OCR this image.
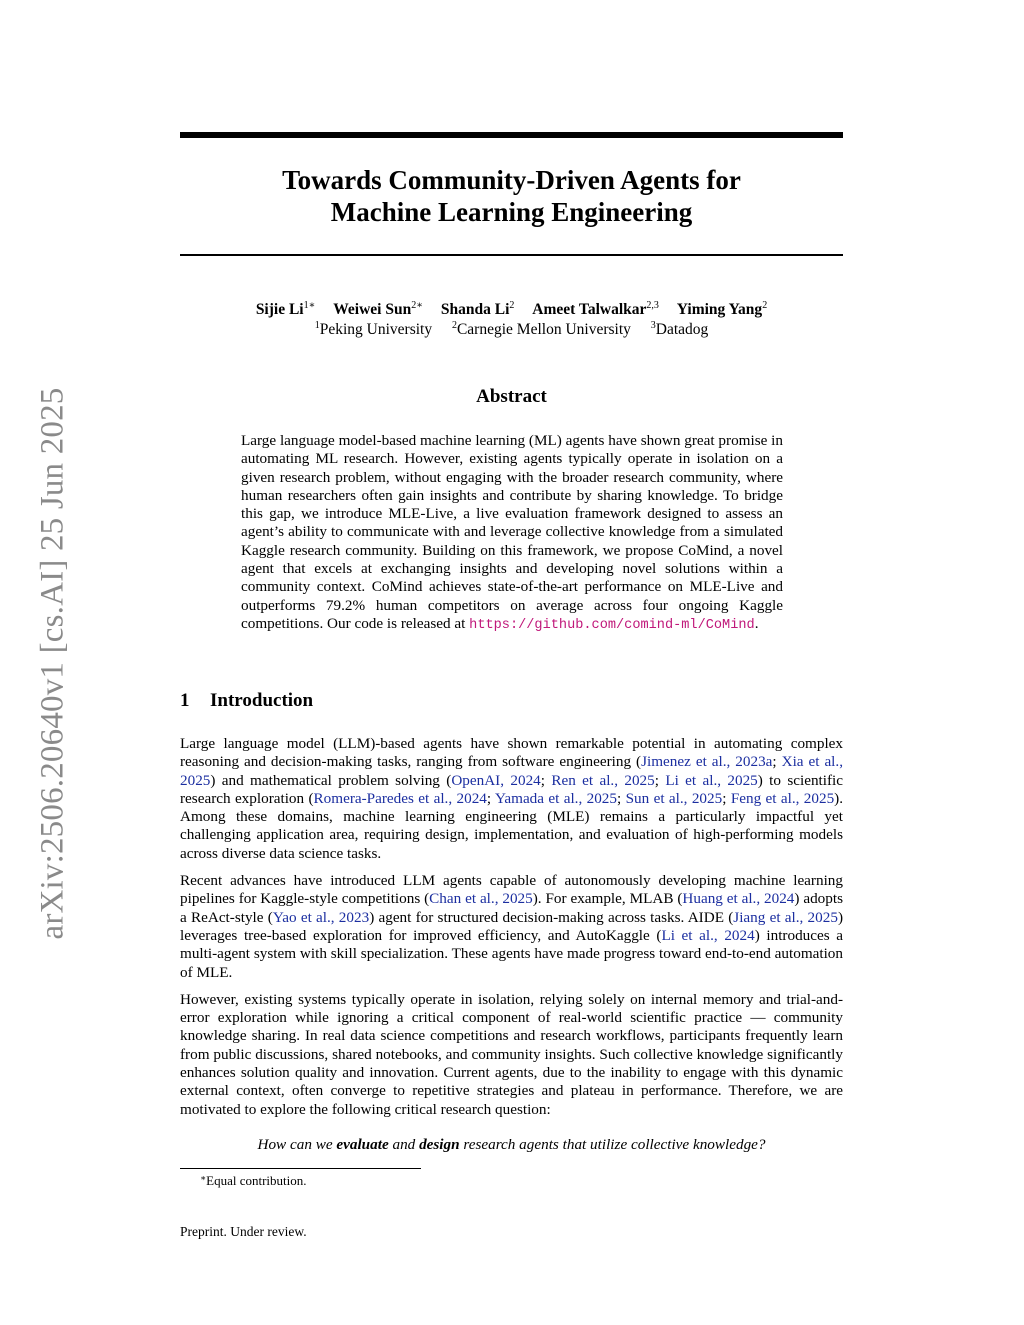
arXiv:2506.20640v1 [cs.AI] 25 Jun 2025
Towards Community-Driven Agents for
Machine Learning Engineering
Sijie $Li^{1∗}$ Weiwei Sun$^{2∗}$ Shanda Li$^2$ Ameet Talwalkar$^{2,3}$ Yiming Yang$^2$
$^1$Peking University $^2$Carnegie Mellon University $^3$Datadog
Abstract
Large language model-based machine learning (ML) agents have shown great promise in automating ML research. However, existing agents typically operate in isolation on a given research problem, without engaging with the broader research community, where human researchers often gain insights and contribute by sharing knowledge. To bridge this gap, we introduce MLE-Live, a live evaluation framework designed to assess an agent’s ability to communicate with and leverage collective knowledge from a simulated Kaggle research community. Building on this framework, we propose CoMind, a novel agent that excels at exchanging insights and developing novel solutions within a community context. CoMind achieves state-of-the-art performance on MLE-Live and outperforms 79.2% human competitors on average across four ongoing Kaggle competitions. Our code is released at https://github.com/comind-ml/CoMind.
1 Introduction

Large language model (LLM)-based agents have shown remarkable potential in automating complex reasoning and decision-making tasks, ranging from software engineering (Jimenez et al., 2023a; Xia et al., 2025) and mathematical problem solving (OpenAI, 2024; Ren et al., 2025; Li et al., 2025) to scientific research exploration (Romera-Paredes et al., 2024; Yamada et al., 2025; Sun et al., 2025; Feng et al., 2025). Among these domains, machine learning engineering (MLE) remains a particularly impactful yet challenging application area, requiring design, implementation, and evaluation of high-performing models across diverse data science tasks.

Recent advances have introduced LLM agents capable of autonomously developing machine learning pipelines for Kaggle-style competitions (Chan et al., 2025). For example, MLAB (Huang et al., 2024) adopts a ReAct-style (Yao et al., 2023) agent for structured decision-making across tasks. AIDE (Jiang et al., 2025) leverages tree-based exploration for improved efficiency, and AutoKaggle (Li et al., 2024) introduces a multi-agent system with skill specialization. These agents have made progress toward end-to-end automation of MLE.

However, existing systems typically operate in isolation, relying solely on internal memory and trial-and-error exploration while ignoring a critical component of real-world scientific practice — community knowledge sharing. In real data science competitions and research workflows, participants frequently learn from public discussions, shared notebooks, and community insights. Such collective knowledge significantly enhances solution quality and innovation. Current agents, due to the inability to engage with this dynamic external context, often converge to repetitive strategies and plateau in performance. Therefore, we are motivated to explore the following critical research question:

How can we evaluate and design research agents that utilize collective knowledge?
∗Equal contribution.
Preprint. Under review.
